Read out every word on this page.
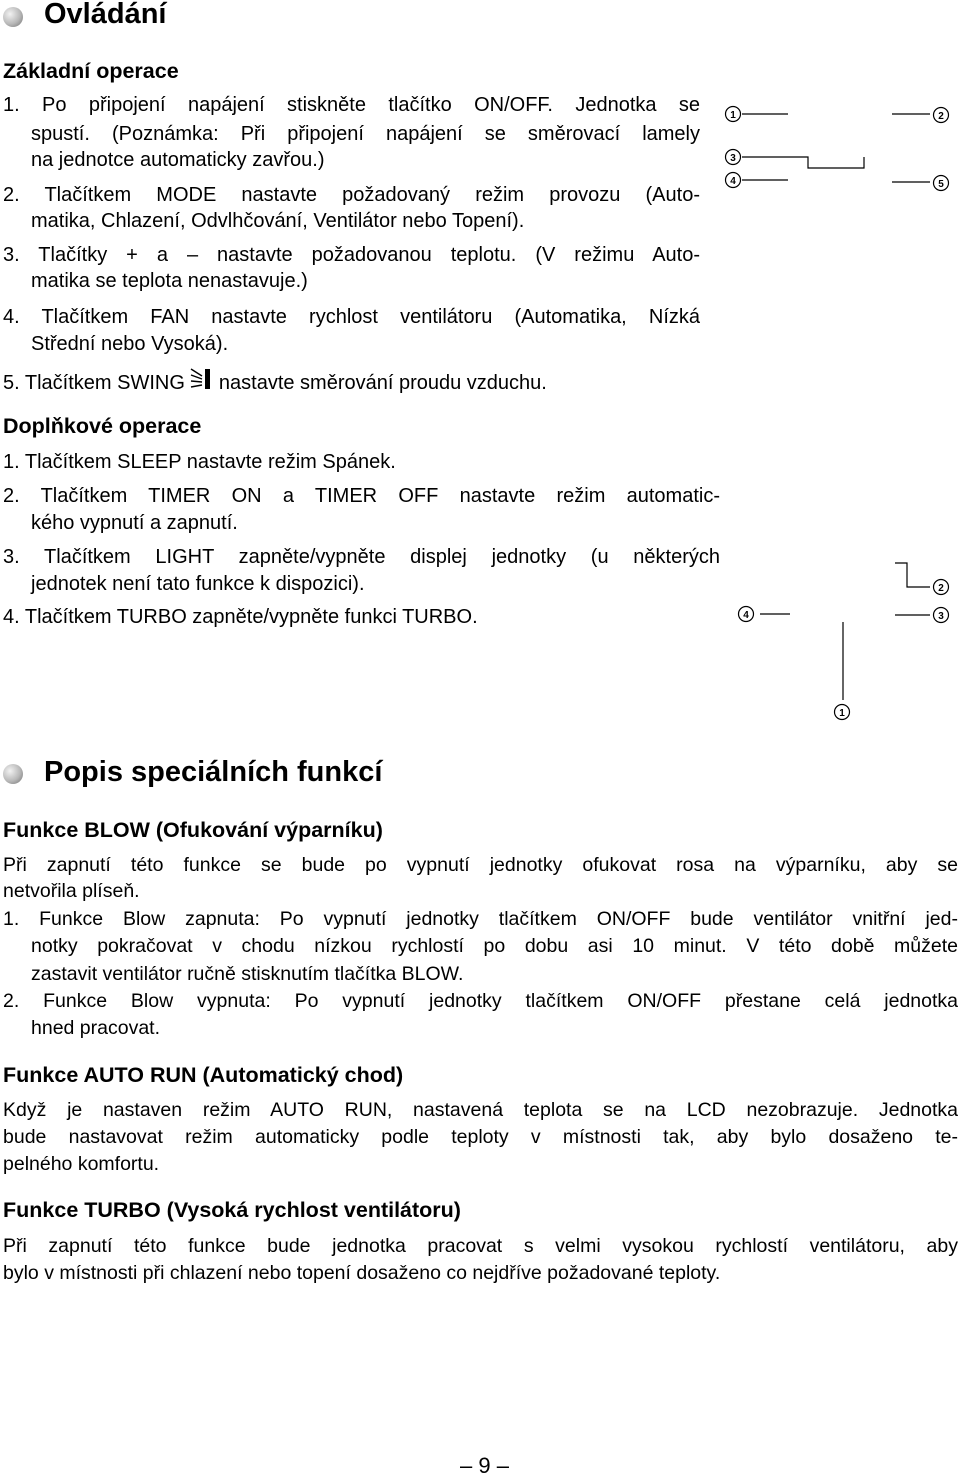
Ovládání
Základní operace
1. Po připojení napájení stiskněte tlačítko ON/OFF. Jednotka se
spustí. (Poznámka: Při připojení napájení se směrovací lamely
na jednotce automaticky zavřou.)
2. Tlačítkem MODE nastavte požadovaný režim provozu (Auto-
matika, Chlazení, Odvlhčování, Ventilátor nebo Topení).
3. Tlačítky + a – nastavte požadovanou teplotu. (V režimu Auto-
matika se teplota nenastavuje.)
4. Tlačítkem FAN nastavte rychlost ventilátoru (Automatika, Nízká
Střední nebo Vysoká).
5. Tlačítkem SWING nastavte směrování proudu vzduchu.
Doplňkové operace
1. Tlačítkem SLEEP nastavte režim Spánek.
2. Tlačítkem TIMER ON a TIMER OFF nastavte režim automatic-
kého vypnutí a zapnutí.
3. Tlačítkem LIGHT zapněte/vypněte displej jednotky (u některých
jednotek není tato funkce k dispozici).
4. Tlačítkem TURBO zapněte/vypněte funkci TURBO.
1	2
3
4	5
2
4	3
1
Popis speciálních funkcí
Funkce BLOW (Ofukování výparníku)
Při zapnutí této funkce se bude po vypnutí jednotky ofukovat rosa na výparníku, aby se
netvořila plíseň.
1. Funkce Blow zapnuta: Po vypnutí jednotky tlačítkem ON/OFF bude ventilátor vnitřní jed-
notky pokračovat v chodu nízkou rychlostí po dobu asi 10 minut. V této době můžete
zastavit ventilátor ručně stisknutím tlačítka BLOW.
2. Funkce Blow vypnuta: Po vypnutí jednotky tlačítkem ON/OFF přestane celá jednotka
hned pracovat.
Funkce AUTO RUN (Automatický chod)
Když je nastaven režim AUTO RUN, nastavená teplota se na LCD nezobrazuje. Jednotka
bude nastavovat režim automaticky podle teploty v místnosti tak, aby bylo dosaženo te-
pelného komfortu.
Funkce TURBO (Vysoká rychlost ventilátoru)
Při zapnutí této funkce bude jednotka pracovat s velmi vysokou rychlostí ventilátoru, aby
bylo v místnosti při chlazení nebo topení dosaženo co nejdříve požadované teploty.
– 9 –
